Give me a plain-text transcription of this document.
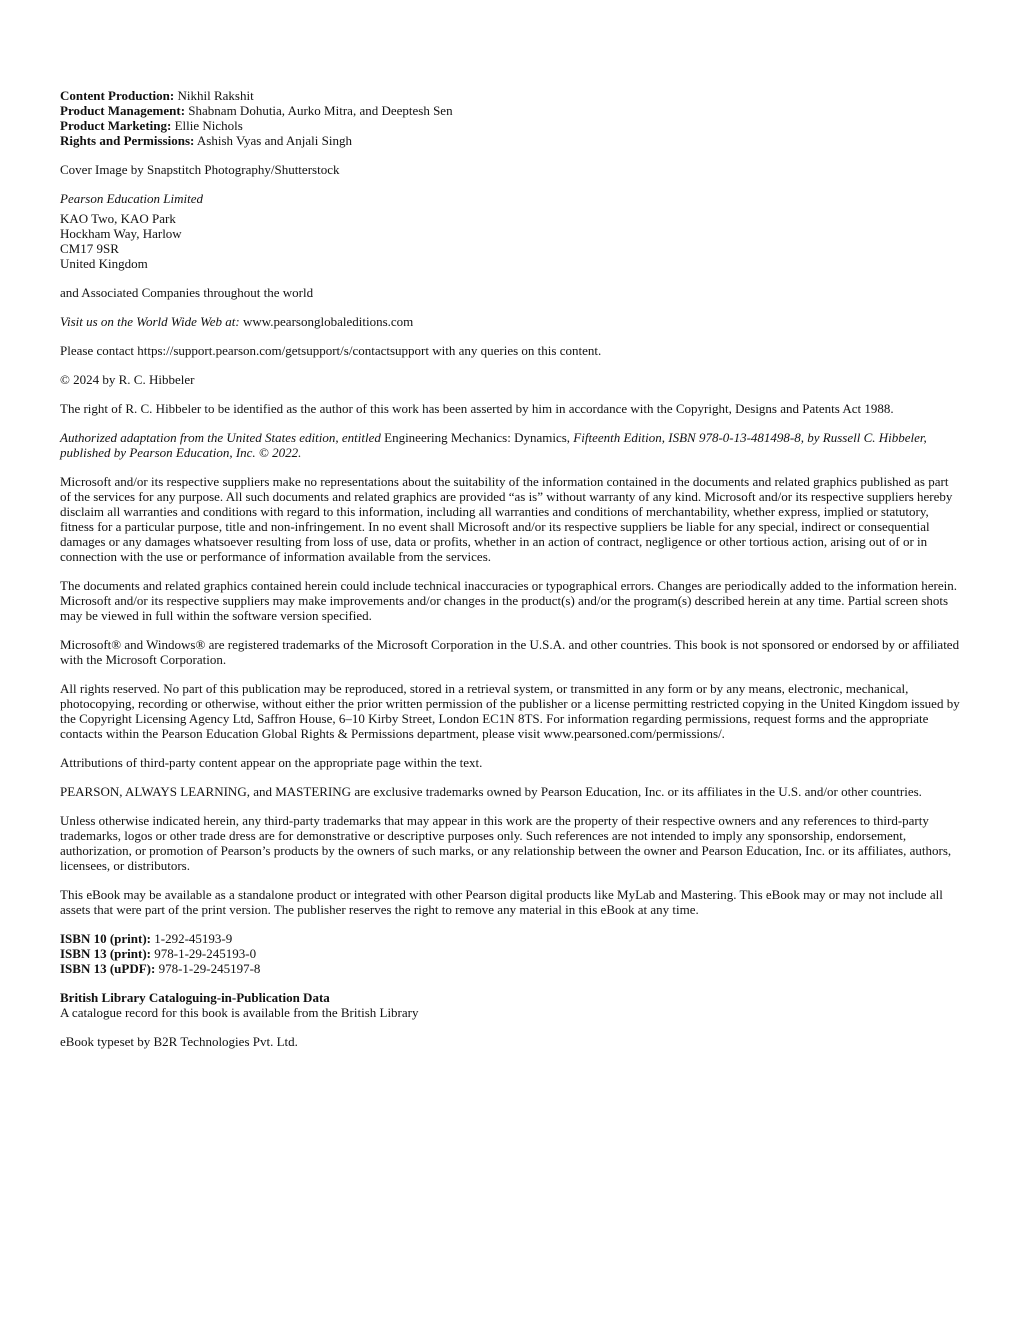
Content Production: Nikhil Rakshit
Product Management: Shabnam Dohutia, Aurko Mitra, and Deeptesh Sen
Product Marketing: Ellie Nichols
Rights and Permissions: Ashish Vyas and Anjali Singh

Cover Image by Snapstitch Photography/Shutterstock

Pearson Education Limited

KAO Two, KAO Park
Hockham Way, Harlow
CM17 9SR
United Kingdom

and Associated Companies throughout the world

Visit us on the World Wide Web at: www.pearsonglobaleditions.com

Please contact https://support.pearson.com/getsupport/s/contactsupport with any queries on this content.

© 2024 by R. C. Hibbeler

The right of R. C. Hibbeler to be identified as the author of this work has been asserted by him in accordance with the Copyright, Designs and Patents Act 1988.

Authorized adaptation from the United States edition, entitled Engineering Mechanics: Dynamics, Fifteenth Edition, ISBN 978-0-13-481498-8, by Russell C. Hibbeler, published by Pearson Education, Inc. © 2022.

Microsoft and/or its respective suppliers make no representations about the suitability of the information contained in the documents and related graphics published as part of the services for any purpose. All such documents and related graphics are provided “as is” without warranty of any kind. Microsoft and/or its respective suppliers hereby disclaim all warranties and conditions with regard to this information, including all warranties and conditions of merchantability, whether express, implied or statutory, fitness for a particular purpose, title and non-infringement. In no event shall Microsoft and/or its respective suppliers be liable for any special, indirect or consequential damages or any damages whatsoever resulting from loss of use, data or profits, whether in an action of contract, negligence or other tortious action, arising out of or in connection with the use or performance of information available from the services.

The documents and related graphics contained herein could include technical inaccuracies or typographical errors. Changes are periodically added to the information herein. Microsoft and/or its respective suppliers may make improvements and/or changes in the product(s) and/or the program(s) described herein at any time. Partial screen shots may be viewed in full within the software version specified.

Microsoft® and Windows® are registered trademarks of the Microsoft Corporation in the U.S.A. and other countries. This book is not sponsored or endorsed by or affiliated with the Microsoft Corporation.

All rights reserved. No part of this publication may be reproduced, stored in a retrieval system, or transmitted in any form or by any means, electronic, mechanical, photocopying, recording or otherwise, without either the prior written permission of the publisher or a license permitting restricted copying in the United Kingdom issued by the Copyright Licensing Agency Ltd, Saffron House, 6–10 Kirby Street, London EC1N 8TS. For information regarding permissions, request forms and the appropriate contacts within the Pearson Education Global Rights & Permissions department, please visit www.pearsoned.com/permissions/.

Attributions of third-party content appear on the appropriate page within the text.

PEARSON, ALWAYS LEARNING, and MASTERING are exclusive trademarks owned by Pearson Education, Inc. or its affiliates in the U.S. and/or other countries.

Unless otherwise indicated herein, any third-party trademarks that may appear in this work are the property of their respective owners and any references to third-party trademarks, logos or other trade dress are for demonstrative or descriptive purposes only. Such references are not intended to imply any sponsorship, endorsement, authorization, or promotion of Pearson’s products by the owners of such marks, or any relationship between the owner and Pearson Education, Inc. or its affiliates, authors, licensees, or distributors.

This eBook may be available as a standalone product or integrated with other Pearson digital products like MyLab and Mastering. This eBook may or may not include all assets that were part of the print version. The publisher reserves the right to remove any material in this eBook at any time.

ISBN 10 (print): 1-292-45193-9
ISBN 13 (print): 978-1-29-245193-0
ISBN 13 (uPDF): 978-1-29-245197-8
British Library Cataloguing-in-Publication Data
A catalogue record for this book is available from the British Library

eBook typeset by B2R Technologies Pvt. Ltd.
